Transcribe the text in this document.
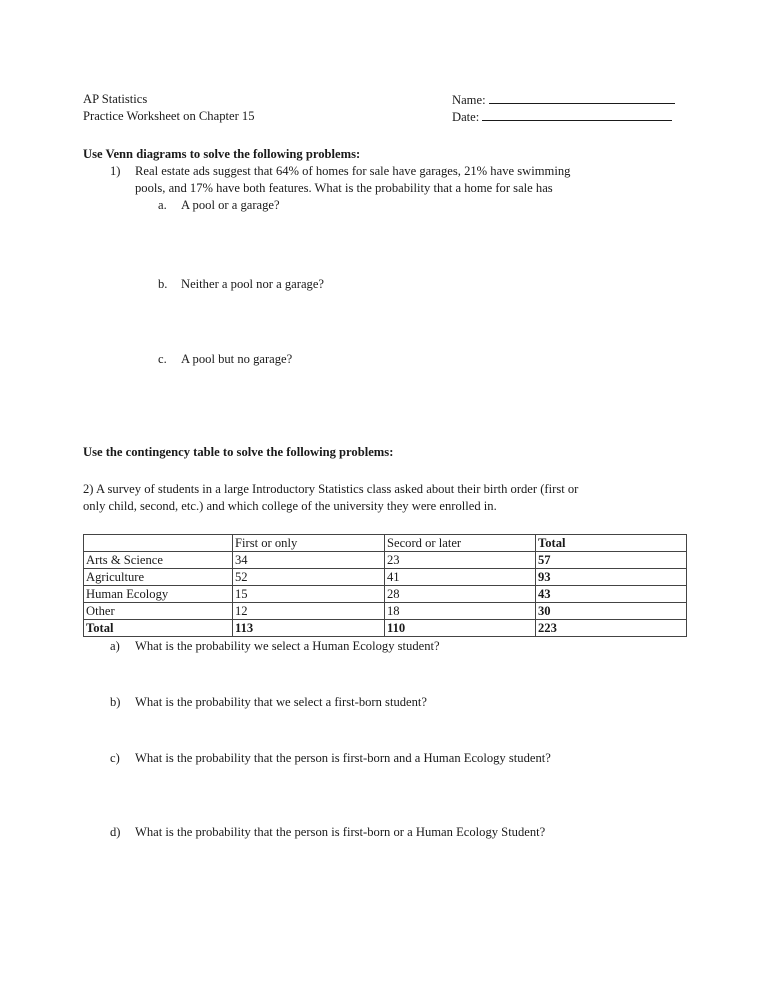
AP Statistics
Practice Worksheet on Chapter 15
Name:
Date:
Use Venn diagrams to solve the following problems:
1) Real estate ads suggest that 64% of homes for sale have garages, 21% have swimming
pools, and 17% have both features. What is the probability that a home for sale has
a. A pool or a garage?
b. Neither a pool nor a garage?
c. A pool but no garage?
Use the contingency table to solve the following problems:
2) A survey of students in a large Introductory Statistics class asked about their birth order (first or
only child, second, etc.) and which college of the university they were enrolled in.
	First or only	Secord or later	Total
Arts & Science	34	23	57
Agriculture	52	41	93
Human Ecology	15	28	43
Other	12	18	30
Total	113	110	223
a) What is the probability we select a Human Ecology student?
b) What is the probability that we select a first-born student?
c) What is the probability that the person is first-born and a Human Ecology student?
d) What is the probability that the person is first-born or a Human Ecology Student?
